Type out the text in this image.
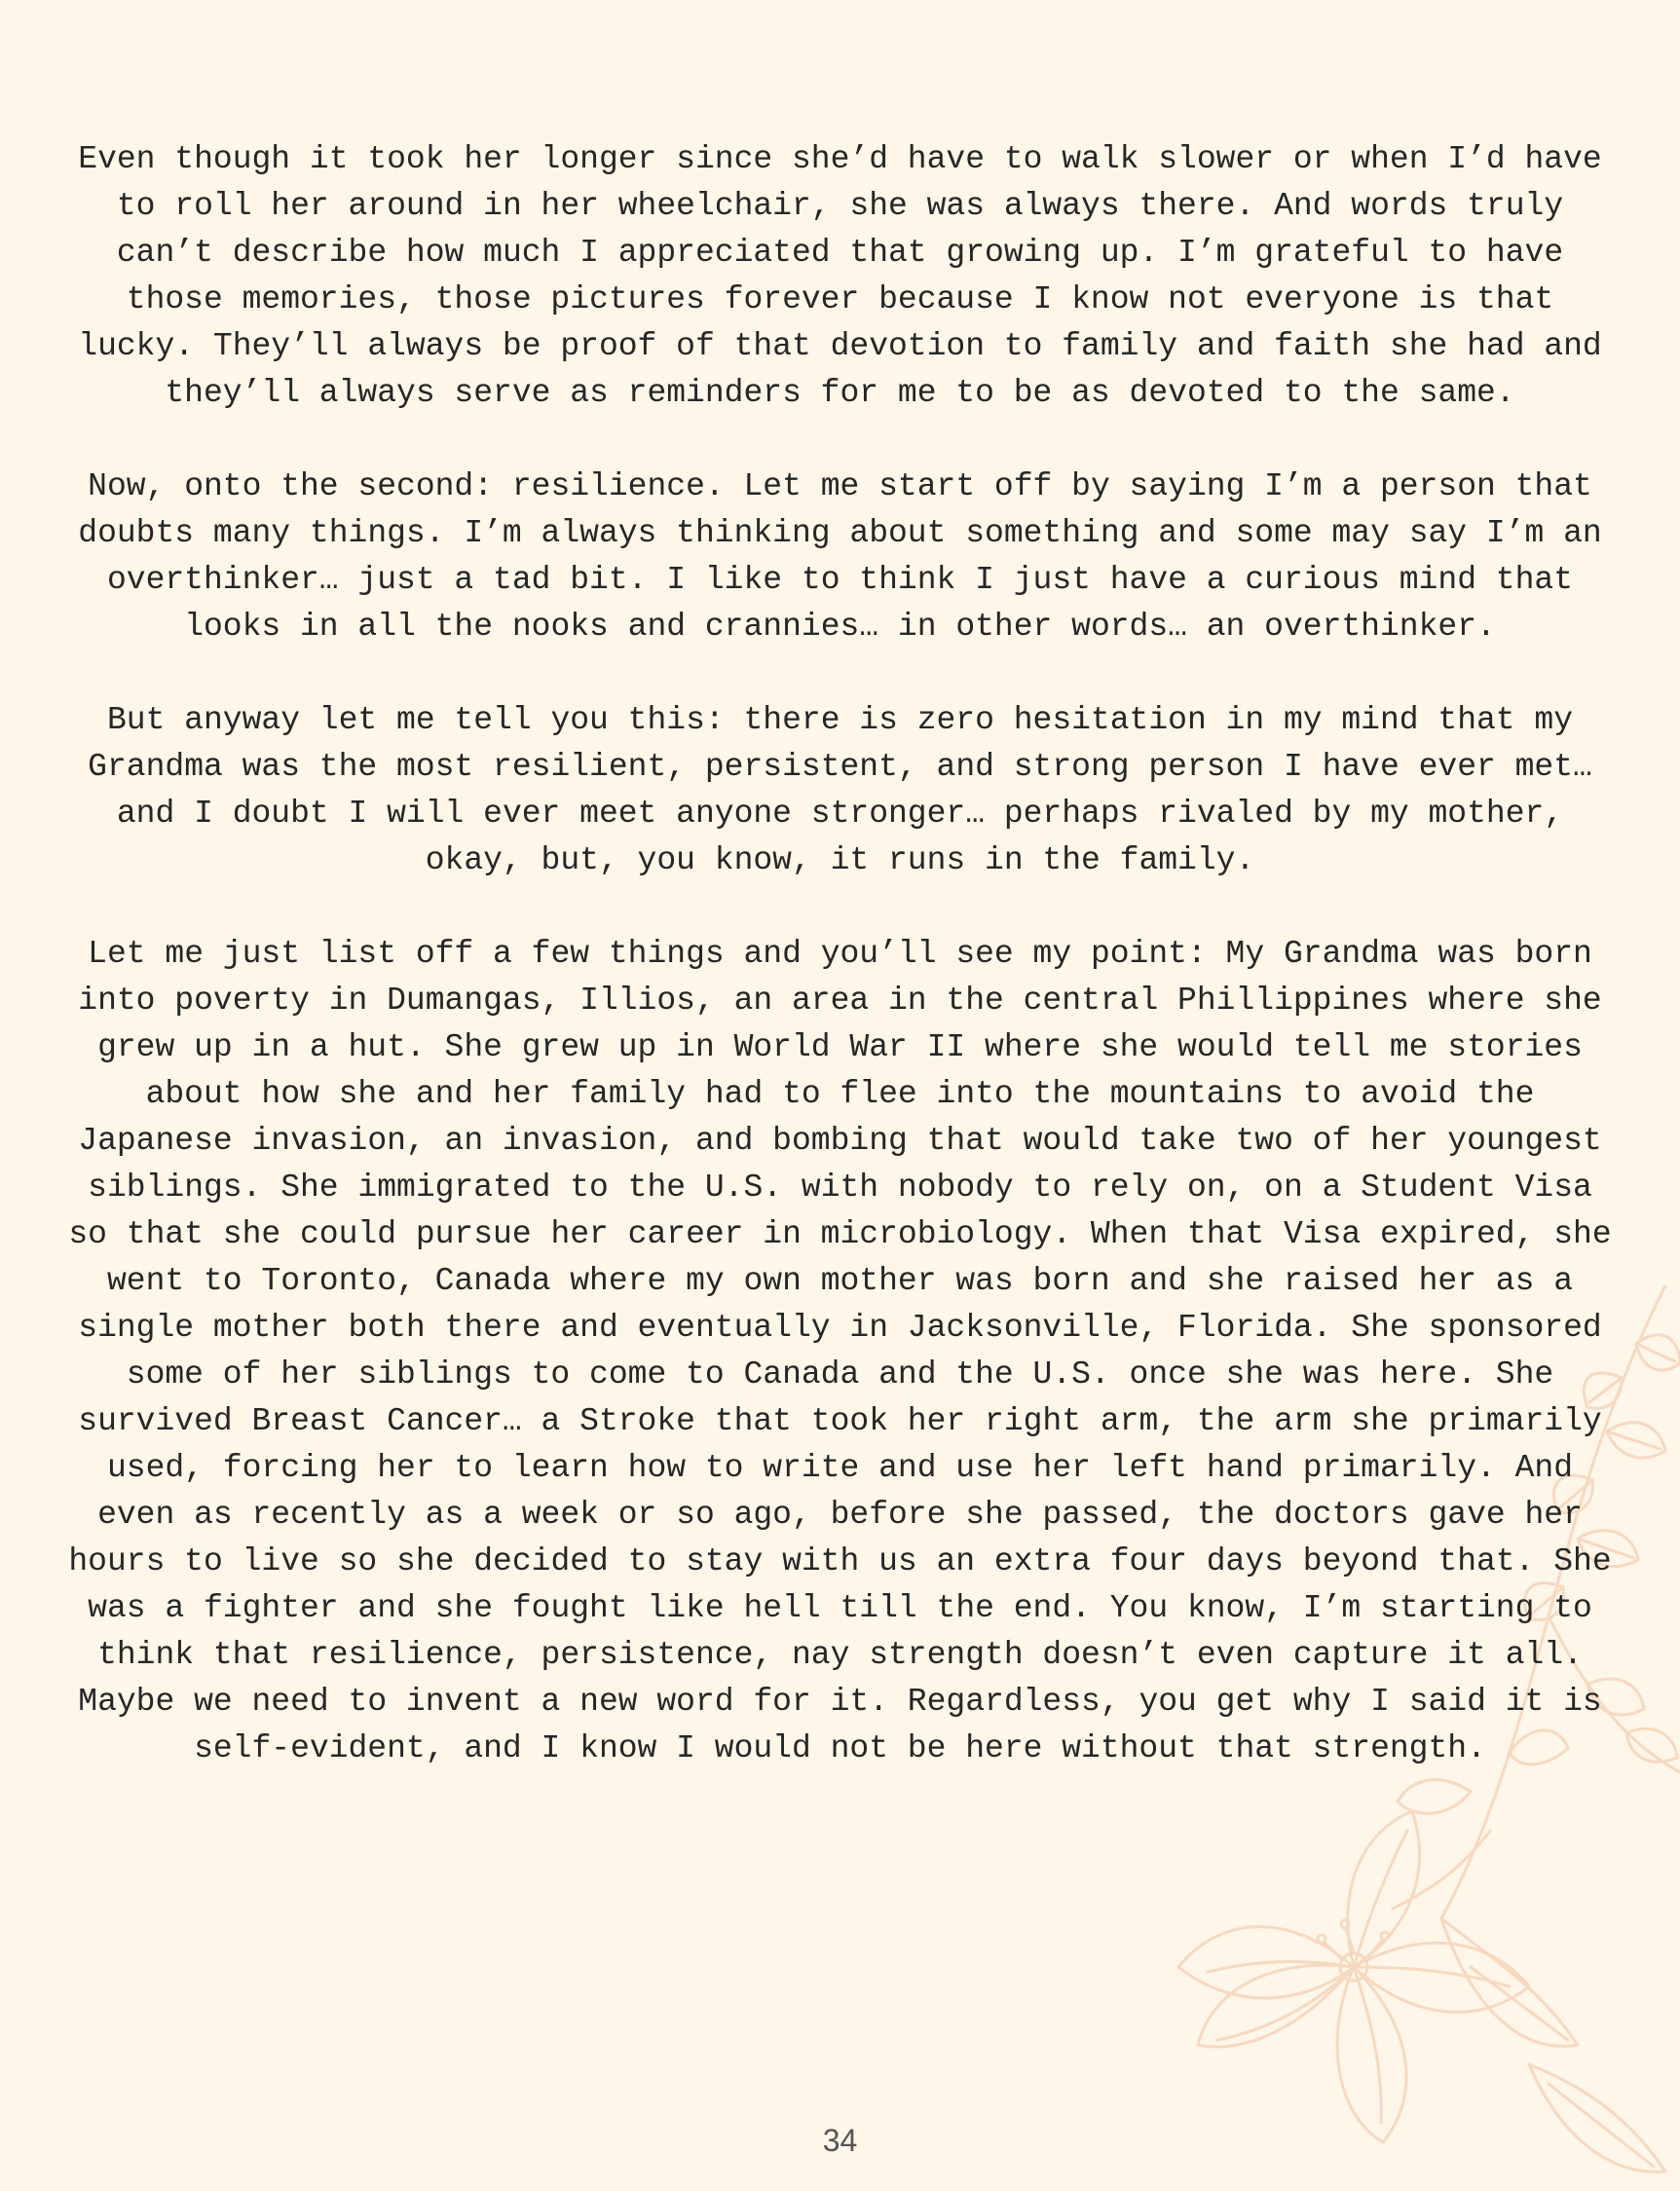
Even though it took her longer since she’d have to walk slower or when I’d have to roll her around in her wheelchair, she was always there. And words truly can’t describe how much I appreciated that growing up. I’m grateful to have those memories, those pictures forever because I know not everyone is that lucky. They’ll always be proof of that devotion to family and faith she had and they’ll always serve as reminders for me to be as devoted to the same.

Now, onto the second: resilience. Let me start off by saying I’m a person that doubts many things. I’m always thinking about something and some may say I’m an overthinker… just a tad bit. I like to think I just have a curious mind that looks in all the nooks and crannies… in other words… an overthinker.

But anyway let me tell you this: there is zero hesitation in my mind that my Grandma was the most resilient, persistent, and strong person I have ever met… and I doubt I will ever meet anyone stronger… perhaps rivaled by my mother, okay, but, you know, it runs in the family.

Let me just list off a few things and you’ll see my point: My Grandma was born into poverty in Dumangas, Illios, an area in the central Phillippines where she grew up in a hut. She grew up in World War II where she would tell me stories about how she and her family had to flee into the mountains to avoid the Japanese invasion, an invasion, and bombing that would take two of her youngest siblings. She immigrated to the U.S. with nobody to rely on, on a Student Visa so that she could pursue her career in microbiology. When that Visa expired, she went to Toronto, Canada where my own mother was born and she raised her as a single mother both there and eventually in Jacksonville, Florida. She sponsored some of her siblings to come to Canada and the U.S. once she was here. She survived Breast Cancer… a Stroke that took her right arm, the arm she primarily used, forcing her to learn how to write and use her left hand primarily. And even as recently as a week or so ago, before she passed, the doctors gave her hours to live so she decided to stay with us an extra four days beyond that. She was a fighter and she fought like hell till the end. You know, I’m starting to think that resilience, persistence, nay strength doesn’t even capture it all. Maybe we need to invent a new word for it. Regardless, you get why I said it is self-evident, and I know I would not be here without that strength.

34
